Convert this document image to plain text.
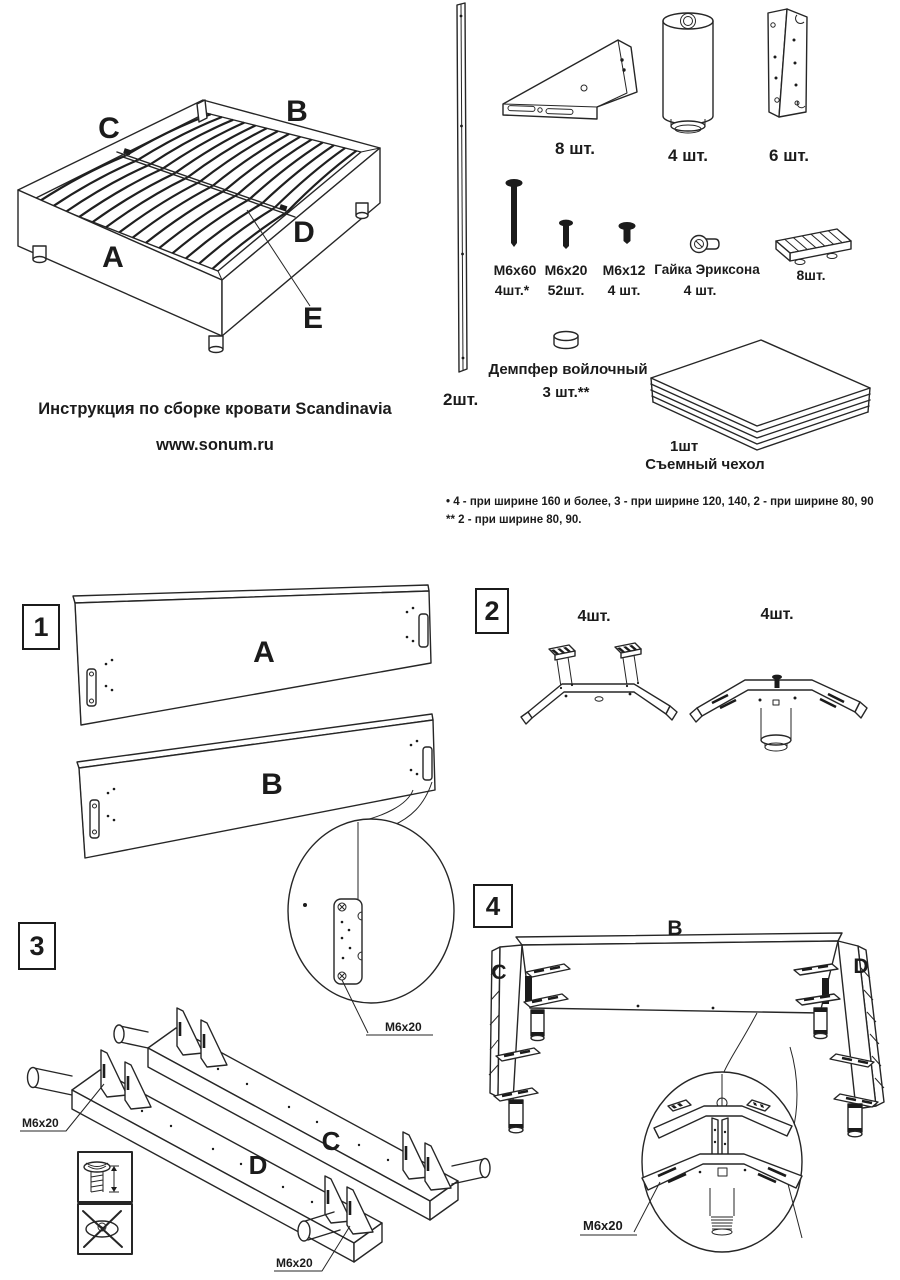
C
B
A
D
E
Инструкция по сборке кровати Scandinavia
www.sonum.ru
2шт.
8 шт.	4 шт.	6 шт.
M6x60
4шт.*
M6x20
52шт.
M6x12
4 шт.
Гайка Эриксона
4 шт.
8шт.
Демпфер войлочный
3 шт.**
1шт
Съемный чехол
• 4 - при ширине 160 и более, 3 - при ширине 120, 140, 2 - при ширине 80, 90
** 2 - при ширине 80, 90.
1
2
3
4
A
B
M6x20
4шт.	4шт.
C
D
M6x20
M6x20
B
C	D
M6x20
